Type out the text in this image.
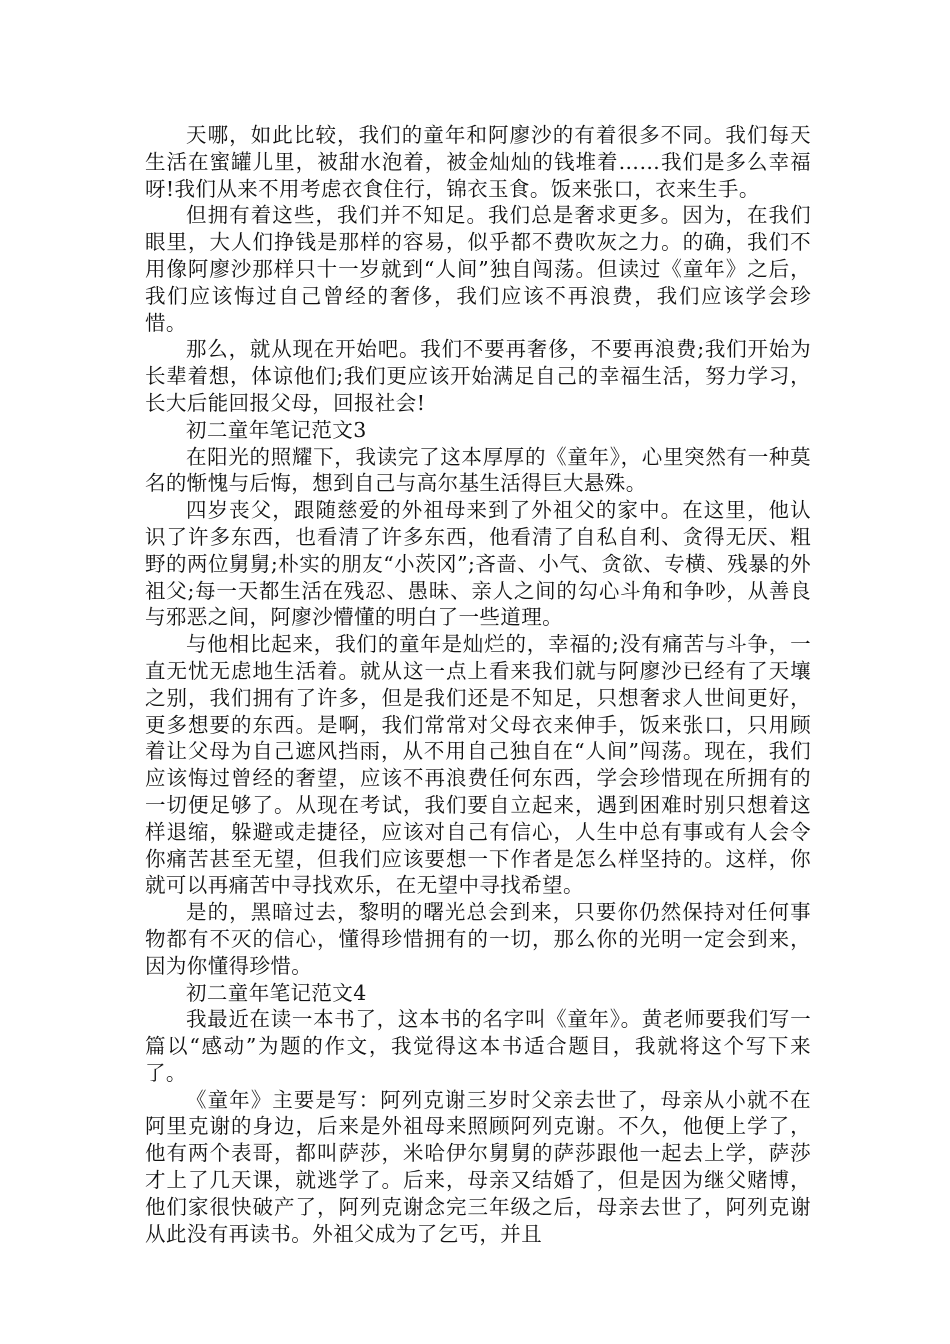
天哪，如此比较，我们的童年和阿廖沙的有着很多不同。我们每天生活在蜜罐儿里，被甜水泡着，被金灿灿的钱堆着……我们是多么幸福呀!我们从来不用考虑衣食住行，锦衣玉食。饭来张口，衣来生手。

但拥有着这些，我们并不知足。我们总是奢求更多。因为，在我们眼里，大人们挣钱是那样的容易，似乎都不费吹灰之力。的确，我们不用像阿廖沙那样只十一岁就到“人间”独自闯荡。但读过《童年》之后，我们应该悔过自己曾经的奢侈，我们应该不再浪费，我们应该学会珍惜。

那么，就从现在开始吧。我们不要再奢侈，不要再浪费;我们开始为长辈着想，体谅他们;我们更应该开始满足自己的幸福生活，努力学习，长大后能回报父母，回报社会!

初二童年笔记范文3

在阳光的照耀下，我读完了这本厚厚的《童年》，心里突然有一种莫名的惭愧与后悔，想到自己与高尔基生活得巨大悬殊。

四岁丧父，跟随慈爱的外祖母来到了外祖父的家中。在这里，他认识了许多东西，也看清了许多东西，他看清了自私自利、贪得无厌、粗野的两位舅舅;朴实的朋友“小茨冈”;吝啬、小气、贪欲、专横、残暴的外祖父;每一天都生活在残忍、愚昧、亲人之间的勾心斗角和争吵，从善良与邪恶之间，阿廖沙懵懂的明白了一些道理。

与他相比起来，我们的童年是灿烂的，幸福的;没有痛苦与斗争，一直无忧无虑地生活着。就从这一点上看来我们就与阿廖沙已经有了天壤之别，我们拥有了许多，但是我们还是不知足，只想奢求人世间更好，更多想要的东西。是啊，我们常常对父母衣来伸手，饭来张口，只用顾着让父母为自己遮风挡雨，从不用自己独自在“人间”闯荡。现在，我们应该悔过曾经的奢望，应该不再浪费任何东西，学会珍惜现在所拥有的一切便足够了。从现在考试，我们要自立起来，遇到困难时别只想着这样退缩，躲避或走捷径，应该对自己有信心，人生中总有事或有人会令你痛苦甚至无望，但我们应该要想一下作者是怎么样坚持的。这样，你就可以再痛苦中寻找欢乐，在无望中寻找希望。

是的，黑暗过去，黎明的曙光总会到来，只要你仍然保持对任何事物都有不灭的信心，懂得珍惜拥有的一切，那么你的光明一定会到来，因为你懂得珍惜。

初二童年笔记范文4

我最近在读一本书了，这本书的名字叫《童年》。黄老师要我们写一篇以“感动”为题的作文，我觉得这本书适合题目，我就将这个写下来了。

《童年》主要是写：阿列克谢三岁时父亲去世了，母亲从小就不在阿里克谢的身边，后来是外祖母来照顾阿列克谢。不久，他便上学了，他有两个表哥，都叫萨莎，米哈伊尔舅舅的萨莎跟他一起去上学，萨莎才上了几天课，就逃学了。后来，母亲又结婚了，但是因为继父赌博，他们家很快破产了，阿列克谢念完三年级之后，母亲去世了，阿列克谢从此没有再读书。外祖父成为了乞丐，并且
